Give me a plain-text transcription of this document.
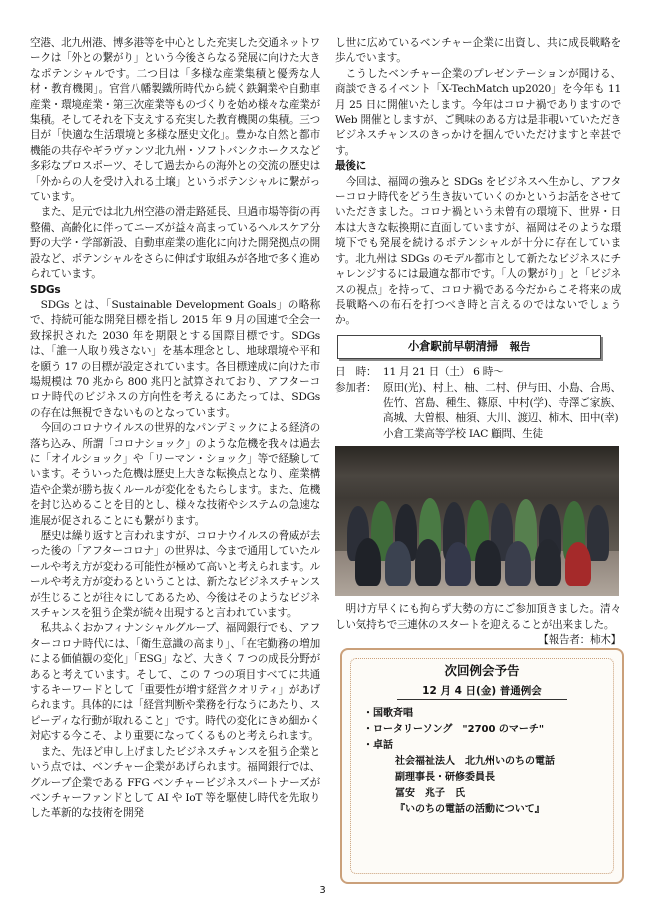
空港、北九州港、博多港等を中心とした充実した交通ネットワークは「外との繋がり」という今後さらなる発展に向けた大きなポテンシャルです。二つ目は「多様な産業集積と優秀な人材・教育機関」。官営八幡製鐵所時代から続く鉄鋼業や自動車産業・環境産業・第三次産業等ものづくりを始め様々な産業が集積。そしてそれを下支えする充実した教育機関の集積。三つ目が「快適な生活環境と多様な歴史文化」。豊かな自然と都市機能の共存やギラヴァンツ北九州・ソフトバンクホークスなど多彩なプロスポーツ、そして過去からの海外との交流の歴史は「外からの人を受け入れる土壌」というポテンシャルに繋がっています。

また、足元では北九州空港の滑走路延長、旦過市場等街の再整備、高齢化に伴ってニーズが益々高まっているヘルスケア分野の大学・学部新設、自動車産業の進化に向けた開発拠点の開設など、ポテンシャルをさらに伸ばす取組みが各地で多く進められています。

SDGs

SDGs とは、「Sustainable Development Goals」の略称で、持続可能な開発目標を指し 2015 年 9 月の国連で全会一致採択された 2030 年を期限とする国際目標です。SDGs は、「誰一人取り残さない」を基本理念とし、地球環境や平和を願う 17 の目標が設定されています。各目標達成に向けた市場規模は 70 兆から 800 兆円と試算されており、アフターコロナ時代のビジネスの方向性を考えるにあたっては、SDGs の存在は無視できないものとなっています。

今回のコロナウイルスの世界的なパンデミックによる経済の落ち込み、所謂「コロナショック」のような危機を我々は過去に「オイルショック」や「リーマン・ショック」等で経験しています。そういった危機は歴史上大きな転換点となり、産業構造や企業が勝ち抜くルールが変化をもたらします。また、危機を封じ込めることを目的とし、様々な技術やシステムの急速な進展が促されることにも繋がります。

歴史は繰り返すと言われますが、コロナウイルスの脅威が去った後の「アフターコロナ」の世界は、今まで通用していたルールや考え方が変わる可能性が極めて高いと考えられます。ルールや考え方が変わるということは、新たなビジネスチャンスが生じることが往々にしてあるため、今後はそのようなビジネスチャンスを狙う企業が続々出現すると言われています。

私共ふくおかフィナンシャルグループ、福岡銀行でも、アフターコロナ時代には、「衛生意識の高まり」、「在宅勤務の増加による価値観の変化」「ESG」など、大きく 7 つの成長分野があると考えています。そして、この 7 つの項目すべてに共通するキーワードとして「重要性が増す経営クオリティ」があげられます。具体的には「経営判断や業務を行なうにあたり、スピーディな行動が取れること」です。時代の変化にきめ細かく対応する今こそ、より重要になってくるものと考えられます。

また、先ほど申し上げましたビジネスチャンスを狙う企業という点では、ベンチャー企業があげられます。福岡銀行では、グループ企業である FFG ベンチャービジネスパートナーズがベンチャーファンドとして AI や IoT 等を駆使し時代を先取りした革新的な技術を開発

し世に広めているベンチャー企業に出資し、共に成長戦略を歩んでいます。

こうしたベンチャー企業のプレゼンテーションが聞ける、商談できるイベント「X-TechMatch up2020」を今年も 11 月 25 日に開催いたします。今年はコロナ禍でありますので Web 開催としますが、ご興味のある方は是非覗いていただきビジネスチャンスのきっかけを掴んでいただけますと幸甚です。

最後に

今回は、福岡の強みと SDGs をビジネスへ生かし、アフターコロナ時代をどう生き抜いていくのかというお話をさせていただきました。コロナ禍という未曾有の環境下、世界・日本は大きな転換期に直面していますが、福岡はそのような環境下でも発展を続けるポテンシャルが十分に存在しています。北九州は SDGs のモデル都市として新たなビジネスにチャレンジするには最適な都市です。「人の繋がり」と「ビジネスの視点」を持って、コロナ禍である今だからこそ将来の成長戦略への布石を打つべき時と言えるのではないでしょうか。

小倉駅前早朝清掃 報告
日　時： 11 月 21 日（土） 6 時～
参加者： 原田(光)、村上、柚、二村、伊与田、小島、合馬、佐竹、宮島、種生、篠原、中村(学)、寺澤ご家族、高城、大曽根、柚須、大川、渡辺、柿木、田中(幸)
小倉工業高等学校 IAC 顧問、生徒

明け方早くにも拘らず大勢の方にご参加頂きました。清々しい気持ちで三連休のスタートを迎えることが出来ました。

【報告者：柿木】

次回例会予告
12 月 4 日(金) 普通例会

・国歌斉唱

・ロータリーソング　"2700 のマーチ"

・卓話

社会福祉法人　北九州いのちの電話

副理事長・研修委員長

冨安　兆子　氏

『いのちの電話の活動について』

3
